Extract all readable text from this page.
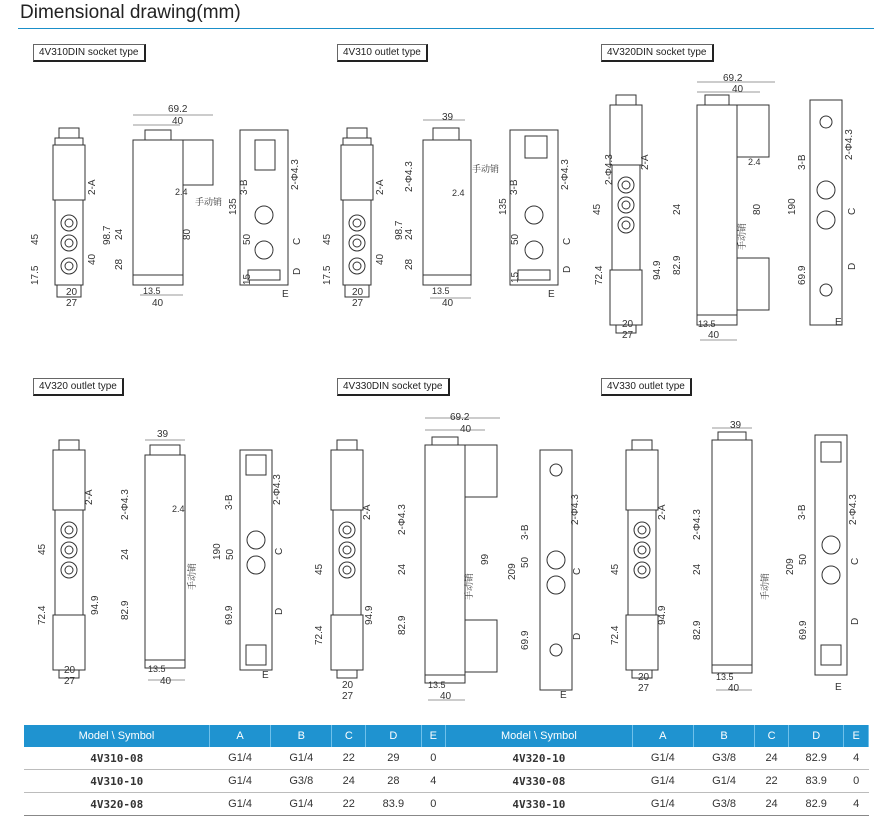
Dimensional drawing(mm)
4V310DIN socket type	4V310 outlet type	4V320DIN socket type
4V320 outlet type	4V330DIN socket type	4V330 outlet type
69.2
40
手动销
2.4
45	98.7 24
28
80
17.5
40
20
27
13.5
40
2-A
135
3-B	2-Φ4.3
50	C
15
D
E
39
手动销
2.4
45	98.7
2-Φ4.3
24
28
17.5
40
20
27
13.5
40
2-A
135
3-B	2-Φ4.3
50	C
15
D
E
69.2
40
2.4
2-A
2-Φ4.3
45	24	80
手动销
72.4
82.9
94.9
20
27
13.5
40
3-B
2-Φ4.3
190	C
69.9	D
E
39
2.4
2-A	2-Φ4.3
45	24
手动销
72.4	82.9
94.9
20
27
13.5
40
3-B	2-Φ4.3
190 50	C
69.9	D
E
69.2
40
2-A 2-Φ4.3
45	24
99
手动销
72.4
82.9
94.9
20
27
13.5
40
3-B
2-Φ4.3
209
50
C
69.9	D
E
39
2-A 2-Φ4.3
45	24
手动销
72.4	82.9
94.9
20
27
13.5
40
3-B	2-Φ4.3
209 50	C
69.9	D
E
Model \ Symbol	A	B	C	D	E	Model \ Symbol	A	B	C	D	E
4V310-08	G1/4	G1/4	22	29	0	4V320-10	G1/4	G3/8	24	82.9	4
4V310-10	G1/4	G3/8	24	28	4	4V330-08	G1/4	G1/4	22	83.9	0
4V320-08	G1/4	G1/4	22	83.9	0	4V330-10	G1/4	G3/8	24	82.9	4
